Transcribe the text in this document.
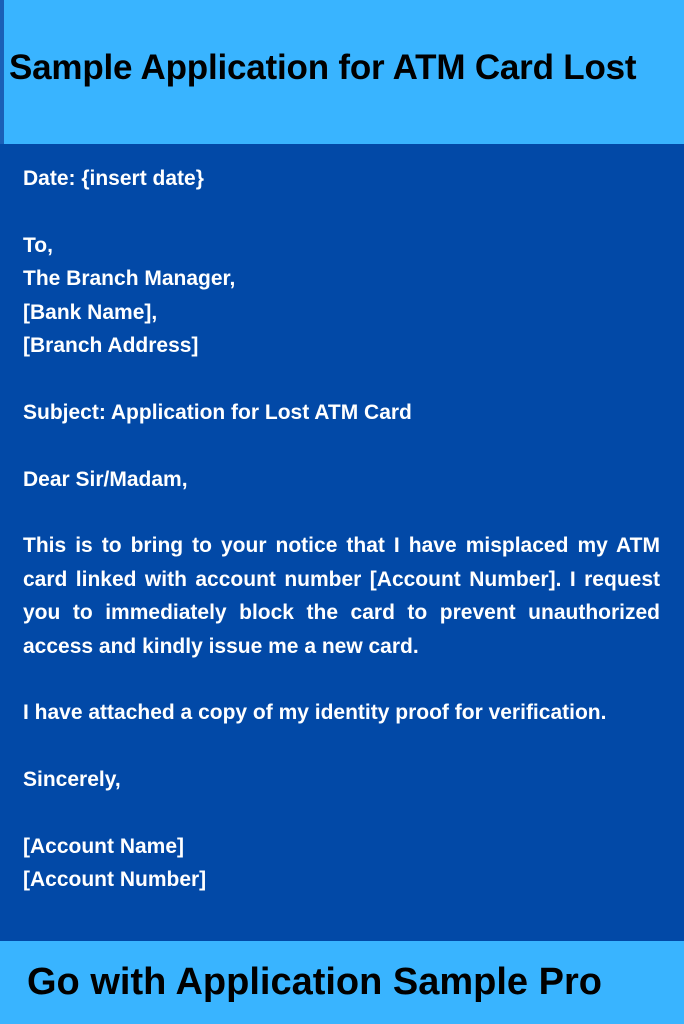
Sample Application for ATM Card Lost

Date: {insert date}

To,

The Branch Manager,

[Bank Name],

[Branch Address]

Subject: Application for Lost ATM Card

Dear Sir/Madam,

This is to bring to your notice that I have misplaced my ATM card linked with account number [Account Number]. I request you to immediately block the card to prevent unauthorized access and kindly issue me a new card.

I have attached a copy of my identity proof for verification.

Sincerely,

[Account Name]

[Account Number]

Go with Application Sample Pro
